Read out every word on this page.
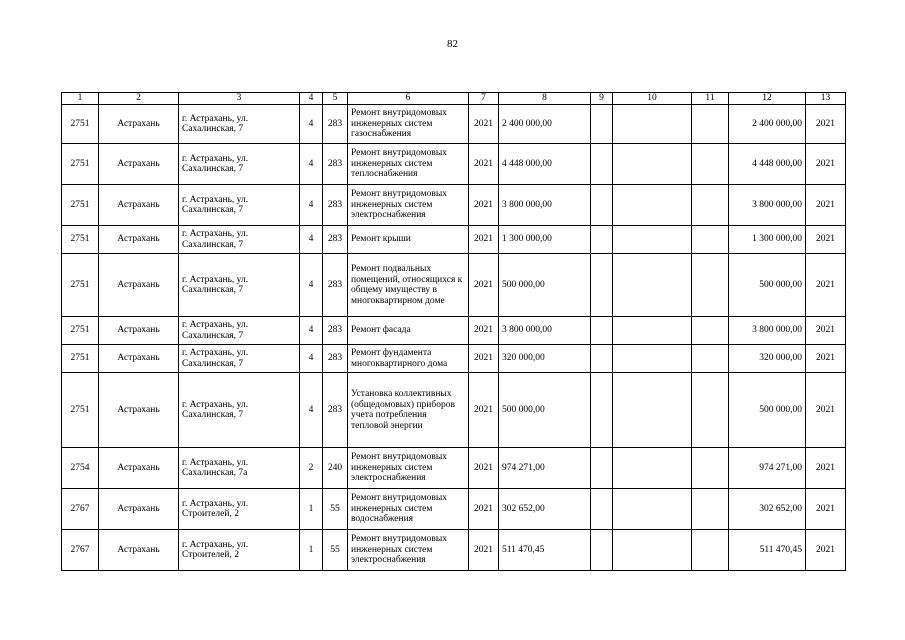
82
1	2	3	4	5	6	7	8	9	10	11	12	13
2751	Астрахань	г. Астрахань, ул. Сахалинская, 7	4	283	Ремонт внутридомовых инженерных систем газоснабжения	2021	2 400 000,00				2 400 000,00	2021
2751	Астрахань	г. Астрахань, ул. Сахалинская, 7	4	283	Ремонт внутридомовых инженерных систем теплоснабжения	2021	4 448 000,00				4 448 000,00	2021
2751	Астрахань	г. Астрахань, ул. Сахалинская, 7	4	283	Ремонт внутридомовых инженерных систем электроснабжения	2021	3 800 000,00				3 800 000,00	2021
2751	Астрахань	г. Астрахань, ул. Сахалинская, 7	4	283	Ремонт крыши	2021	1 300 000,00				1 300 000,00	2021
2751	Астрахань	г. Астрахань, ул. Сахалинская, 7	4	283	Ремонт подвальных помещений, относящихся к общему имуществу в многоквартирном доме	2021	500 000,00				500 000,00	2021
2751	Астрахань	г. Астрахань, ул. Сахалинская, 7	4	283	Ремонт фасада	2021	3 800 000,00				3 800 000,00	2021
2751	Астрахань	г. Астрахань, ул. Сахалинская, 7	4	283	Ремонт фундамента многоквартирного дома	2021	320 000,00				320 000,00	2021
2751	Астрахань	г. Астрахань, ул. Сахалинская, 7	4	283	Установка коллективных (общедомовых) приборов учета потребления тепловой энергии	2021	500 000,00				500 000,00	2021
2754	Астрахань	г. Астрахань, ул. Сахалинская, 7а	2	240	Ремонт внутридомовых инженерных систем электроснабжения	2021	974 271,00				974 271,00	2021
2767	Астрахань	г. Астрахань, ул. Строителей, 2	1	55	Ремонт внутридомовых инженерных систем водоснабжения	2021	302 652,00				302 652,00	2021
2767	Астрахань	г. Астрахань, ул. Строителей, 2	1	55	Ремонт внутридомовых инженерных систем электроснабжения	2021	511 470,45				511 470,45	2021
